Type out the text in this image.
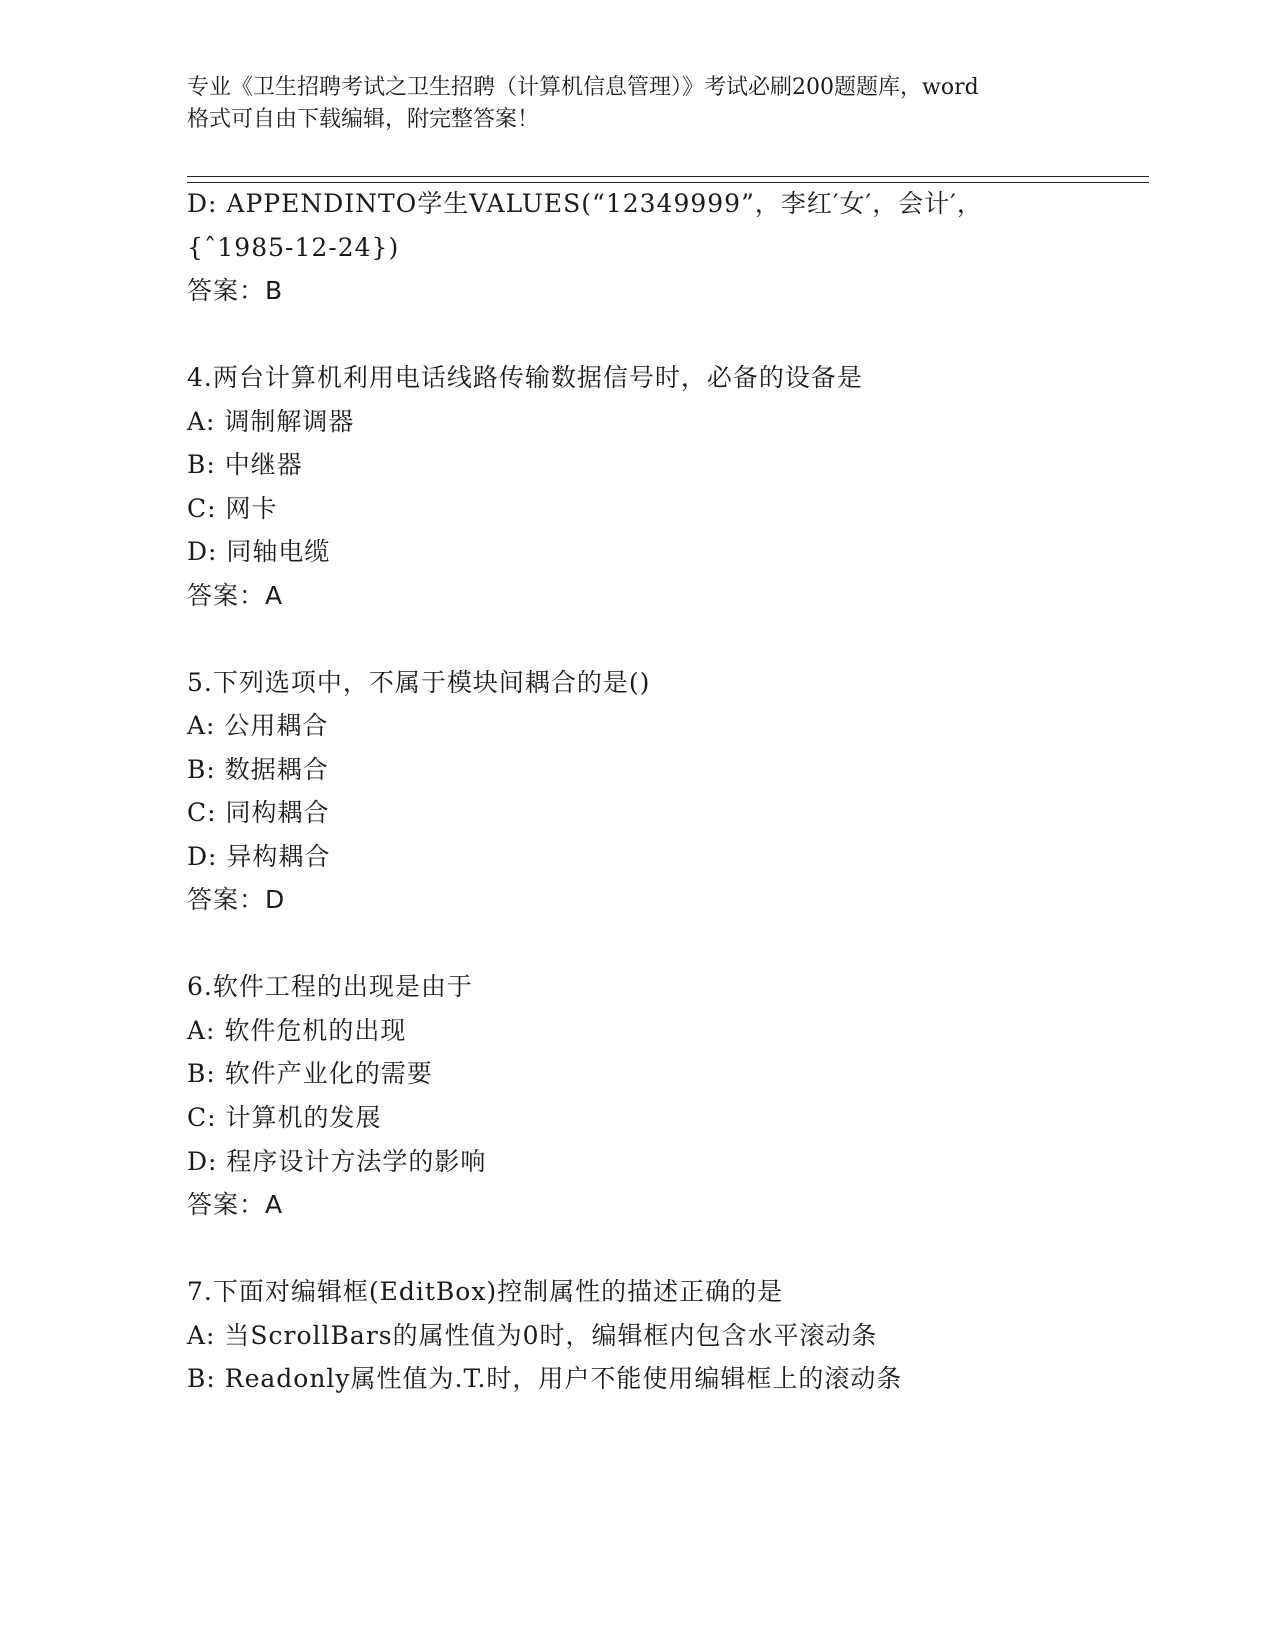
专业《卫生招聘考试之卫生招聘（计算机信息管理）》考试必刷200题题库，word
格式可自由下载编辑，附完整答案！
D: APPENDINTO学生VALUES(“12349999”，李红′女′，会计′，
{ˆ1985-12-24})
答案：B
4.两台计算机利用电话线路传输数据信号时，必备的设备是
A: 调制解调器
B: 中继器
C: 网卡
D: 同轴电缆
答案：A
5.下列选项中，不属于模块间耦合的是()
A: 公用耦合
B: 数据耦合
C: 同构耦合
D: 异构耦合
答案：D
6.软件工程的出现是由于
A: 软件危机的出现
B: 软件产业化的需要
C: 计算机的发展
D: 程序设计方法学的影响
答案：A
7.下面对编辑框(EditBox)控制属性的描述正确的是
A: 当ScrollBars的属性值为0时，编辑框内包含水平滚动条
B: Readonly属性值为.T.时，用户不能使用编辑框上的滚动条
